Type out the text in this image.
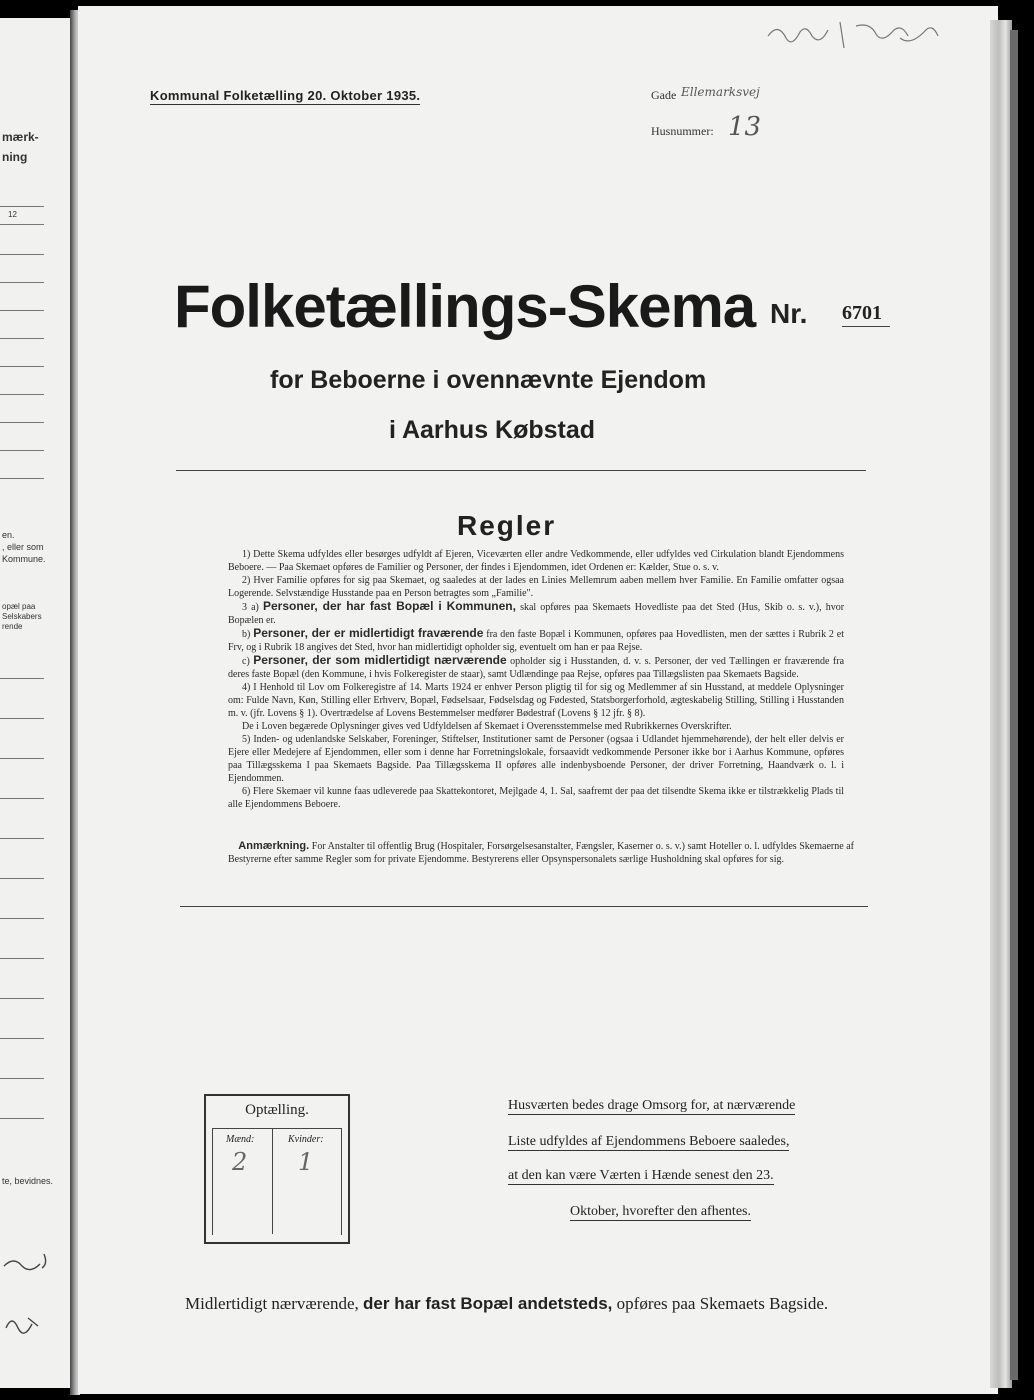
mærk-
ning
12
en.
, eller som
Kommune.
opæl paa
Selskabers
rende
te, bevidnes.
Kommunal Folketælling 20. Oktober 1935.	Gade Ellemarksvej
Husnummer: 13
Folketællings-Skema Nr. 6701
for Beboerne i ovennævnte Ejendom
i Aarhus Købstad
Regler

1) Dette Skema udfyldes eller besørges udfyldt af Ejeren, Viceværten eller andre Vedkommende, eller udfyldes ved Cirkulation blandt Ejendommens Beboere. — Paa Skemaet opføres de Familier og Personer, der findes i Ejendommen, idet Ordenen er: Kælder, Stue o. s. v.

2) Hver Familie opføres for sig paa Skemaet, og saaledes at der lades en Linies Mellemrum aaben mellem hver Familie. En Familie omfatter ogsaa Logerende. Selvstændige Husstande paa en Person betragtes som „Familie".

3 a) Personer, der har fast Bopæl i Kommunen, skal opføres paa Skemaets Hovedliste paa det Sted (Hus, Skib o. s. v.), hvor Bopælen er.

b) Personer, der er midlertidigt fraværende fra den faste Bopæl i Kommunen, opføres paa Hovedlisten, men der sættes i Rubrik 2 et Frv, og i Rubrik 18 angives det Sted, hvor han midlertidigt opholder sig, eventuelt om han er paa Rejse.

c) Personer, der som midlertidigt nærværende opholder sig i Husstanden, d. v. s. Personer, der ved Tællingen er fraværende fra deres faste Bopæl (den Kommune, i hvis Folkeregister de staar), samt Udlændinge paa Rejse, opføres paa Tillægslisten paa Skemaets Bagside.

4) I Henhold til Lov om Folkeregistre af 14. Marts 1924 er enhver Person pligtig til for sig og Medlemmer af sin Husstand, at meddele Oplysninger om: Fulde Navn, Køn, Stilling eller Erhverv, Bopæl, Fødselsaar, Fødselsdag og Fødested, Statsborgerforhold, ægteskabelig Stilling, Stilling i Husstanden m. v. (jfr. Lovens § 1). Overtrædelse af Lovens Bestemmelser medfører Bødestraf (Lovens § 12 jfr. § 8).

De i Loven begærede Oplysninger gives ved Udfyldelsen af Skemaet i Overensstemmelse med Rubrikkernes Overskrifter.

5) Inden- og udenlandske Selskaber, Foreninger, Stiftelser, Institutioner samt de Personer (ogsaa i Udlandet hjemmehørende), der helt eller delvis er Ejere eller Medejere af Ejendommen, eller som i denne har Forretningslokale, forsaavidt vedkommende Personer ikke bor i Aarhus Kommune, opføres paa Tillægsskema I paa Skemaets Bagside. Paa Tillægsskema II opføres alle indenbysboende Personer, der driver Forretning, Haandværk o. l. i Ejendommen.

6) Flere Skemaer vil kunne faas udleverede paa Skattekontoret, Mejlgade 4, 1. Sal, saafremt der paa det tilsendte Skema ikke er tilstrækkelig Plads til alle Ejendommens Beboere.

Anmærkning. For Anstalter til offentlig Brug (Hospitaler, Forsørgelsesanstalter, Fængsler, Kaserner o. s. v.) samt Hoteller o. l. udfyldes Skemaerne af Bestyrerne efter samme Regler som for private Ejendomme. Bestyrerens eller Opsynspersonalets særlige Husholdning skal opføres for sig.
Optælling.
Mænd:	Kvinder:
2 1
Husværten bedes drage Omsorg for, at nærværende
Liste udfyldes af Ejendommens Beboere saaledes,
at den kan være Værten i Hænde senest den 23.
Oktober, hvorefter den afhentes.
Midlertidigt nærværende, der har fast Bopæl andetsteds, opføres paa Skemaets Bagside.
